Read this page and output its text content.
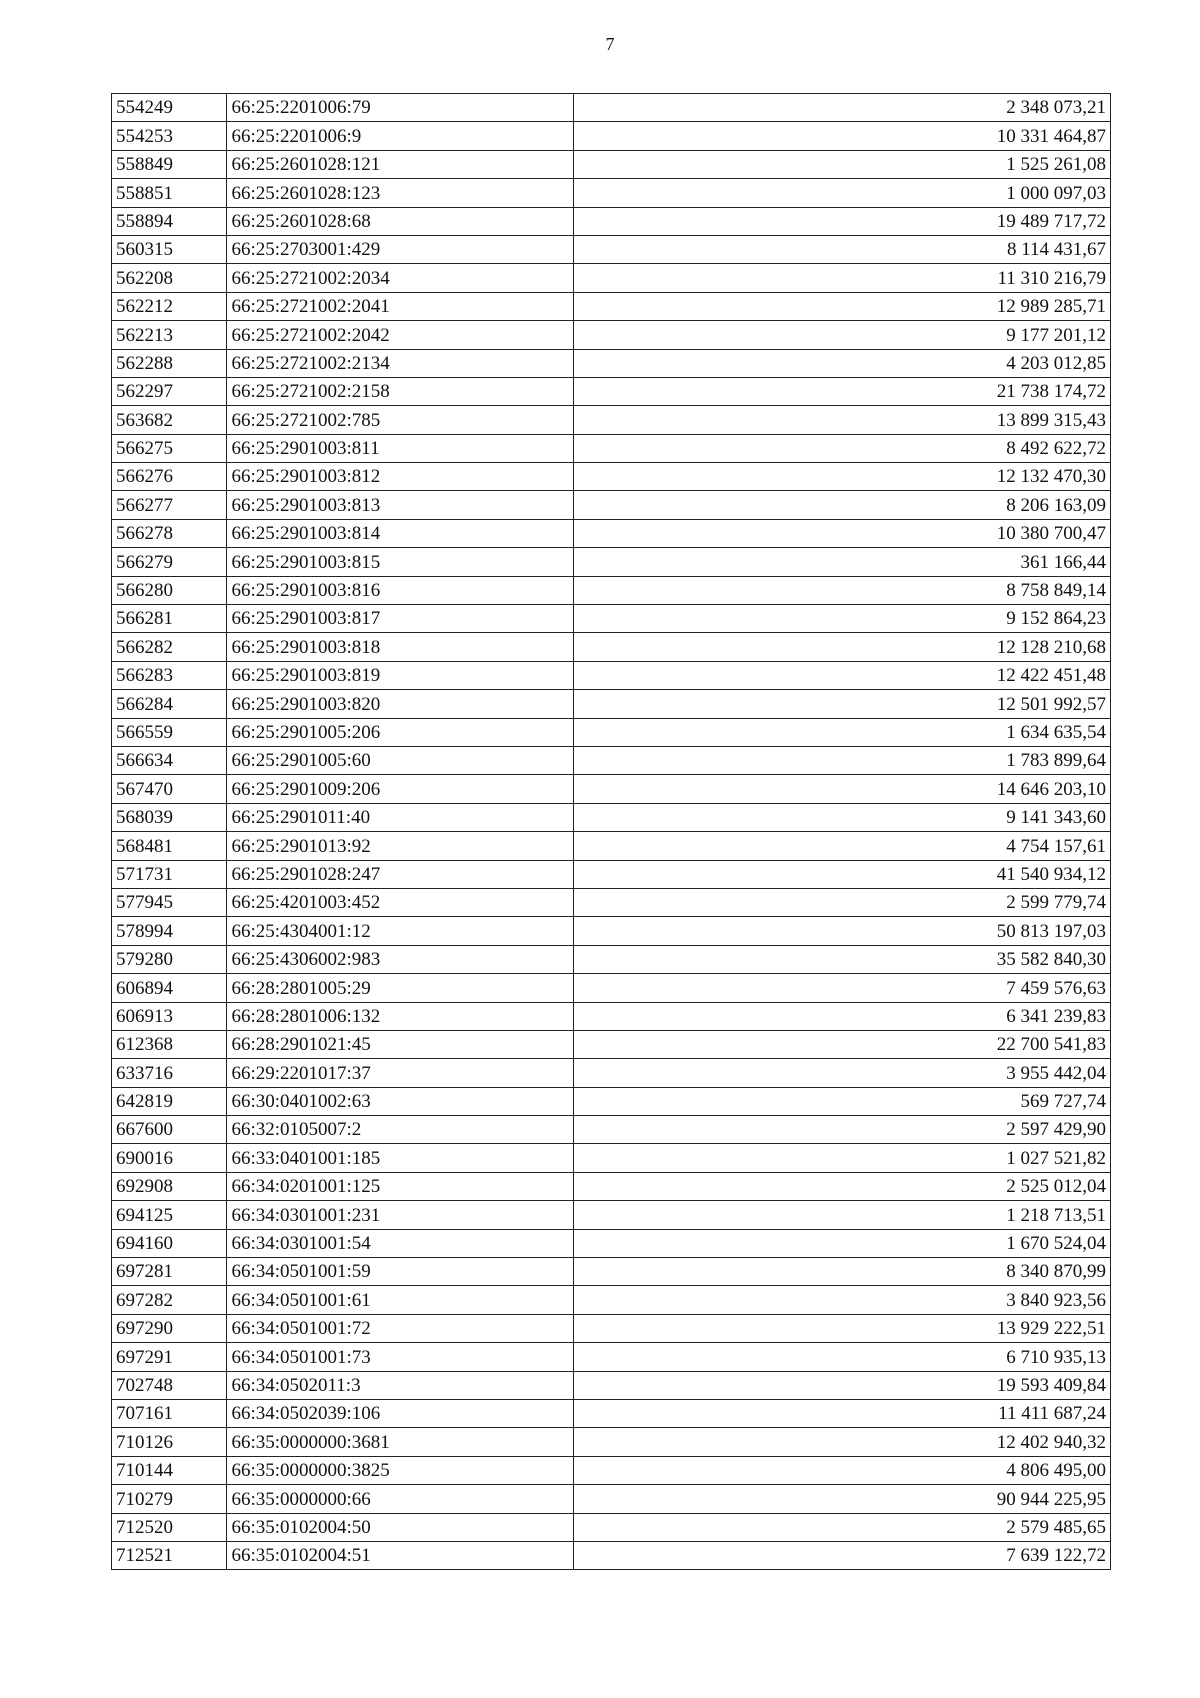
7
554249	66:25:2201006:79	2 348 073,21
554253	66:25:2201006:9	10 331 464,87
558849	66:25:2601028:121	1 525 261,08
558851	66:25:2601028:123	1 000 097,03
558894	66:25:2601028:68	19 489 717,72
560315	66:25:2703001:429	8 114 431,67
562208	66:25:2721002:2034	11 310 216,79
562212	66:25:2721002:2041	12 989 285,71
562213	66:25:2721002:2042	9 177 201,12
562288	66:25:2721002:2134	4 203 012,85
562297	66:25:2721002:2158	21 738 174,72
563682	66:25:2721002:785	13 899 315,43
566275	66:25:2901003:811	8 492 622,72
566276	66:25:2901003:812	12 132 470,30
566277	66:25:2901003:813	8 206 163,09
566278	66:25:2901003:814	10 380 700,47
566279	66:25:2901003:815	361 166,44
566280	66:25:2901003:816	8 758 849,14
566281	66:25:2901003:817	9 152 864,23
566282	66:25:2901003:818	12 128 210,68
566283	66:25:2901003:819	12 422 451,48
566284	66:25:2901003:820	12 501 992,57
566559	66:25:2901005:206	1 634 635,54
566634	66:25:2901005:60	1 783 899,64
567470	66:25:2901009:206	14 646 203,10
568039	66:25:2901011:40	9 141 343,60
568481	66:25:2901013:92	4 754 157,61
571731	66:25:2901028:247	41 540 934,12
577945	66:25:4201003:452	2 599 779,74
578994	66:25:4304001:12	50 813 197,03
579280	66:25:4306002:983	35 582 840,30
606894	66:28:2801005:29	7 459 576,63
606913	66:28:2801006:132	6 341 239,83
612368	66:28:2901021:45	22 700 541,83
633716	66:29:2201017:37	3 955 442,04
642819	66:30:0401002:63	569 727,74
667600	66:32:0105007:2	2 597 429,90
690016	66:33:0401001:185	1 027 521,82
692908	66:34:0201001:125	2 525 012,04
694125	66:34:0301001:231	1 218 713,51
694160	66:34:0301001:54	1 670 524,04
697281	66:34:0501001:59	8 340 870,99
697282	66:34:0501001:61	3 840 923,56
697290	66:34:0501001:72	13 929 222,51
697291	66:34:0501001:73	6 710 935,13
702748	66:34:0502011:3	19 593 409,84
707161	66:34:0502039:106	11 411 687,24
710126	66:35:0000000:3681	12 402 940,32
710144	66:35:0000000:3825	4 806 495,00
710279	66:35:0000000:66	90 944 225,95
712520	66:35:0102004:50	2 579 485,65
712521	66:35:0102004:51	7 639 122,72
